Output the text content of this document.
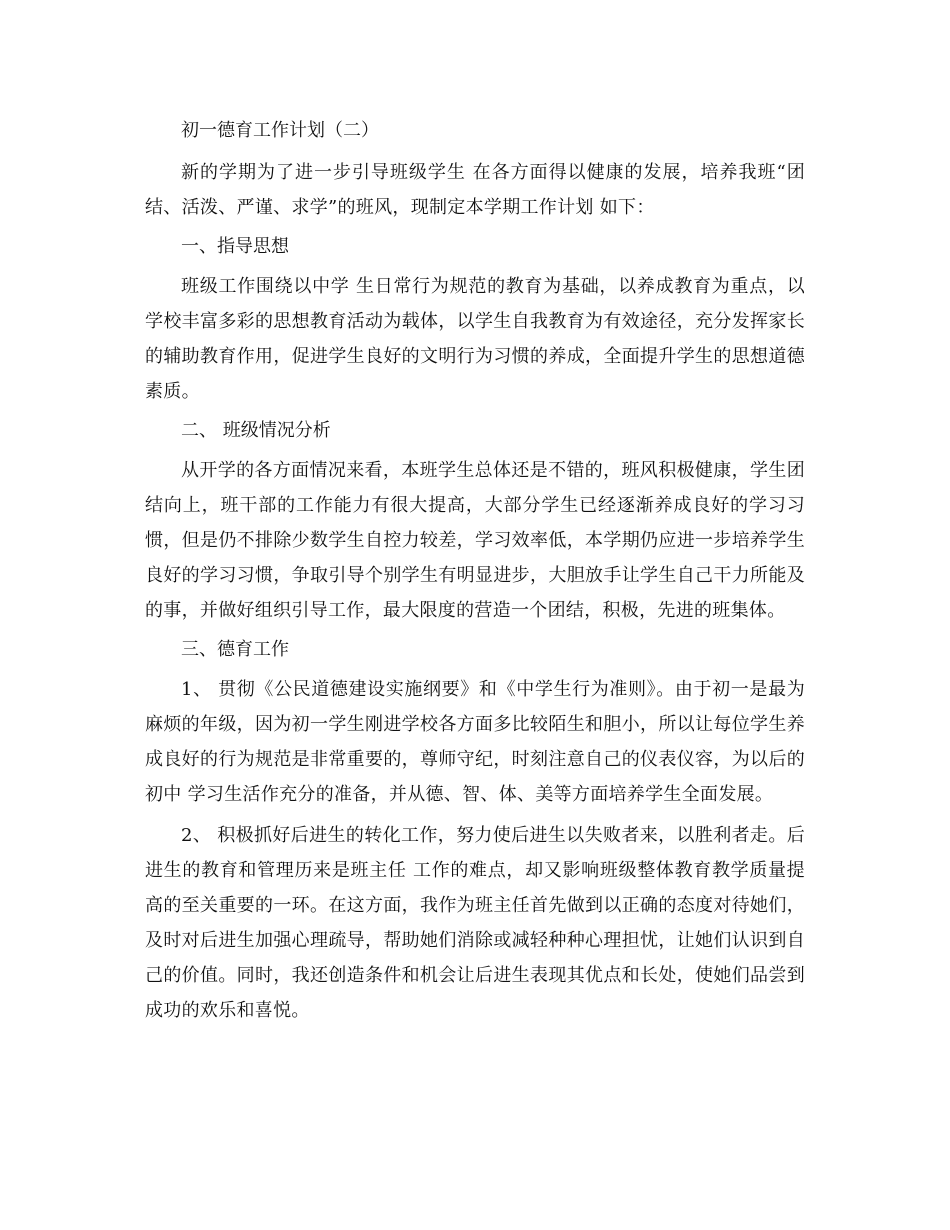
初一德育工作计划（二）

新的学期为了进一步引导班级学生 在各方面得以健康的发展，培养我班“团结、活泼、严谨、求学”的班风，现制定本学期工作计划 如下：

一、指导思想

班级工作围绕以中学 生日常行为规范的教育为基础，以养成教育为重点，以学校丰富多彩的思想教育活动为载体，以学生自我教育为有效途径，充分发挥家长的辅助教育作用，促进学生良好的文明行为习惯的养成，全面提升学生的思想道德素质。

二、 班级情况分析

从开学的各方面情况来看，本班学生总体还是不错的，班风积极健康，学生团结向上，班干部的工作能力有很大提高，大部分学生已经逐渐养成良好的学习习惯，但是仍不排除少数学生自控力较差，学习效率低，本学期仍应进一步培养学生良好的学习习惯，争取引导个别学生有明显进步，大胆放手让学生自己干力所能及的事，并做好组织引导工作，最大限度的营造一个团结，积极，先进的班集体。

三、德育工作

1、 贯彻《公民道德建设实施纲要》和《中学生行为准则》。由于初一是最为麻烦的年级，因为初一学生刚进学校各方面多比较陌生和胆小，所以让每位学生养成良好的行为规范是非常重要的，尊师守纪，时刻注意自己的仪表仪容，为以后的初中 学习生活作充分的准备，并从德、智、体、美等方面培养学生全面发展。

2、 积极抓好后进生的转化工作，努力使后进生以失败者来，以胜利者走。后进生的教育和管理历来是班主任 工作的难点，却又影响班级整体教育教学质量提高的至关重要的一环。在这方面，我作为班主任首先做到以正确的态度对待她们，及时对后进生加强心理疏导，帮助她们消除或减轻种种心理担忧，让她们认识到自己的价值。同时，我还创造条件和机会让后进生表现其优点和长处，使她们品尝到成功的欢乐和喜悦。
